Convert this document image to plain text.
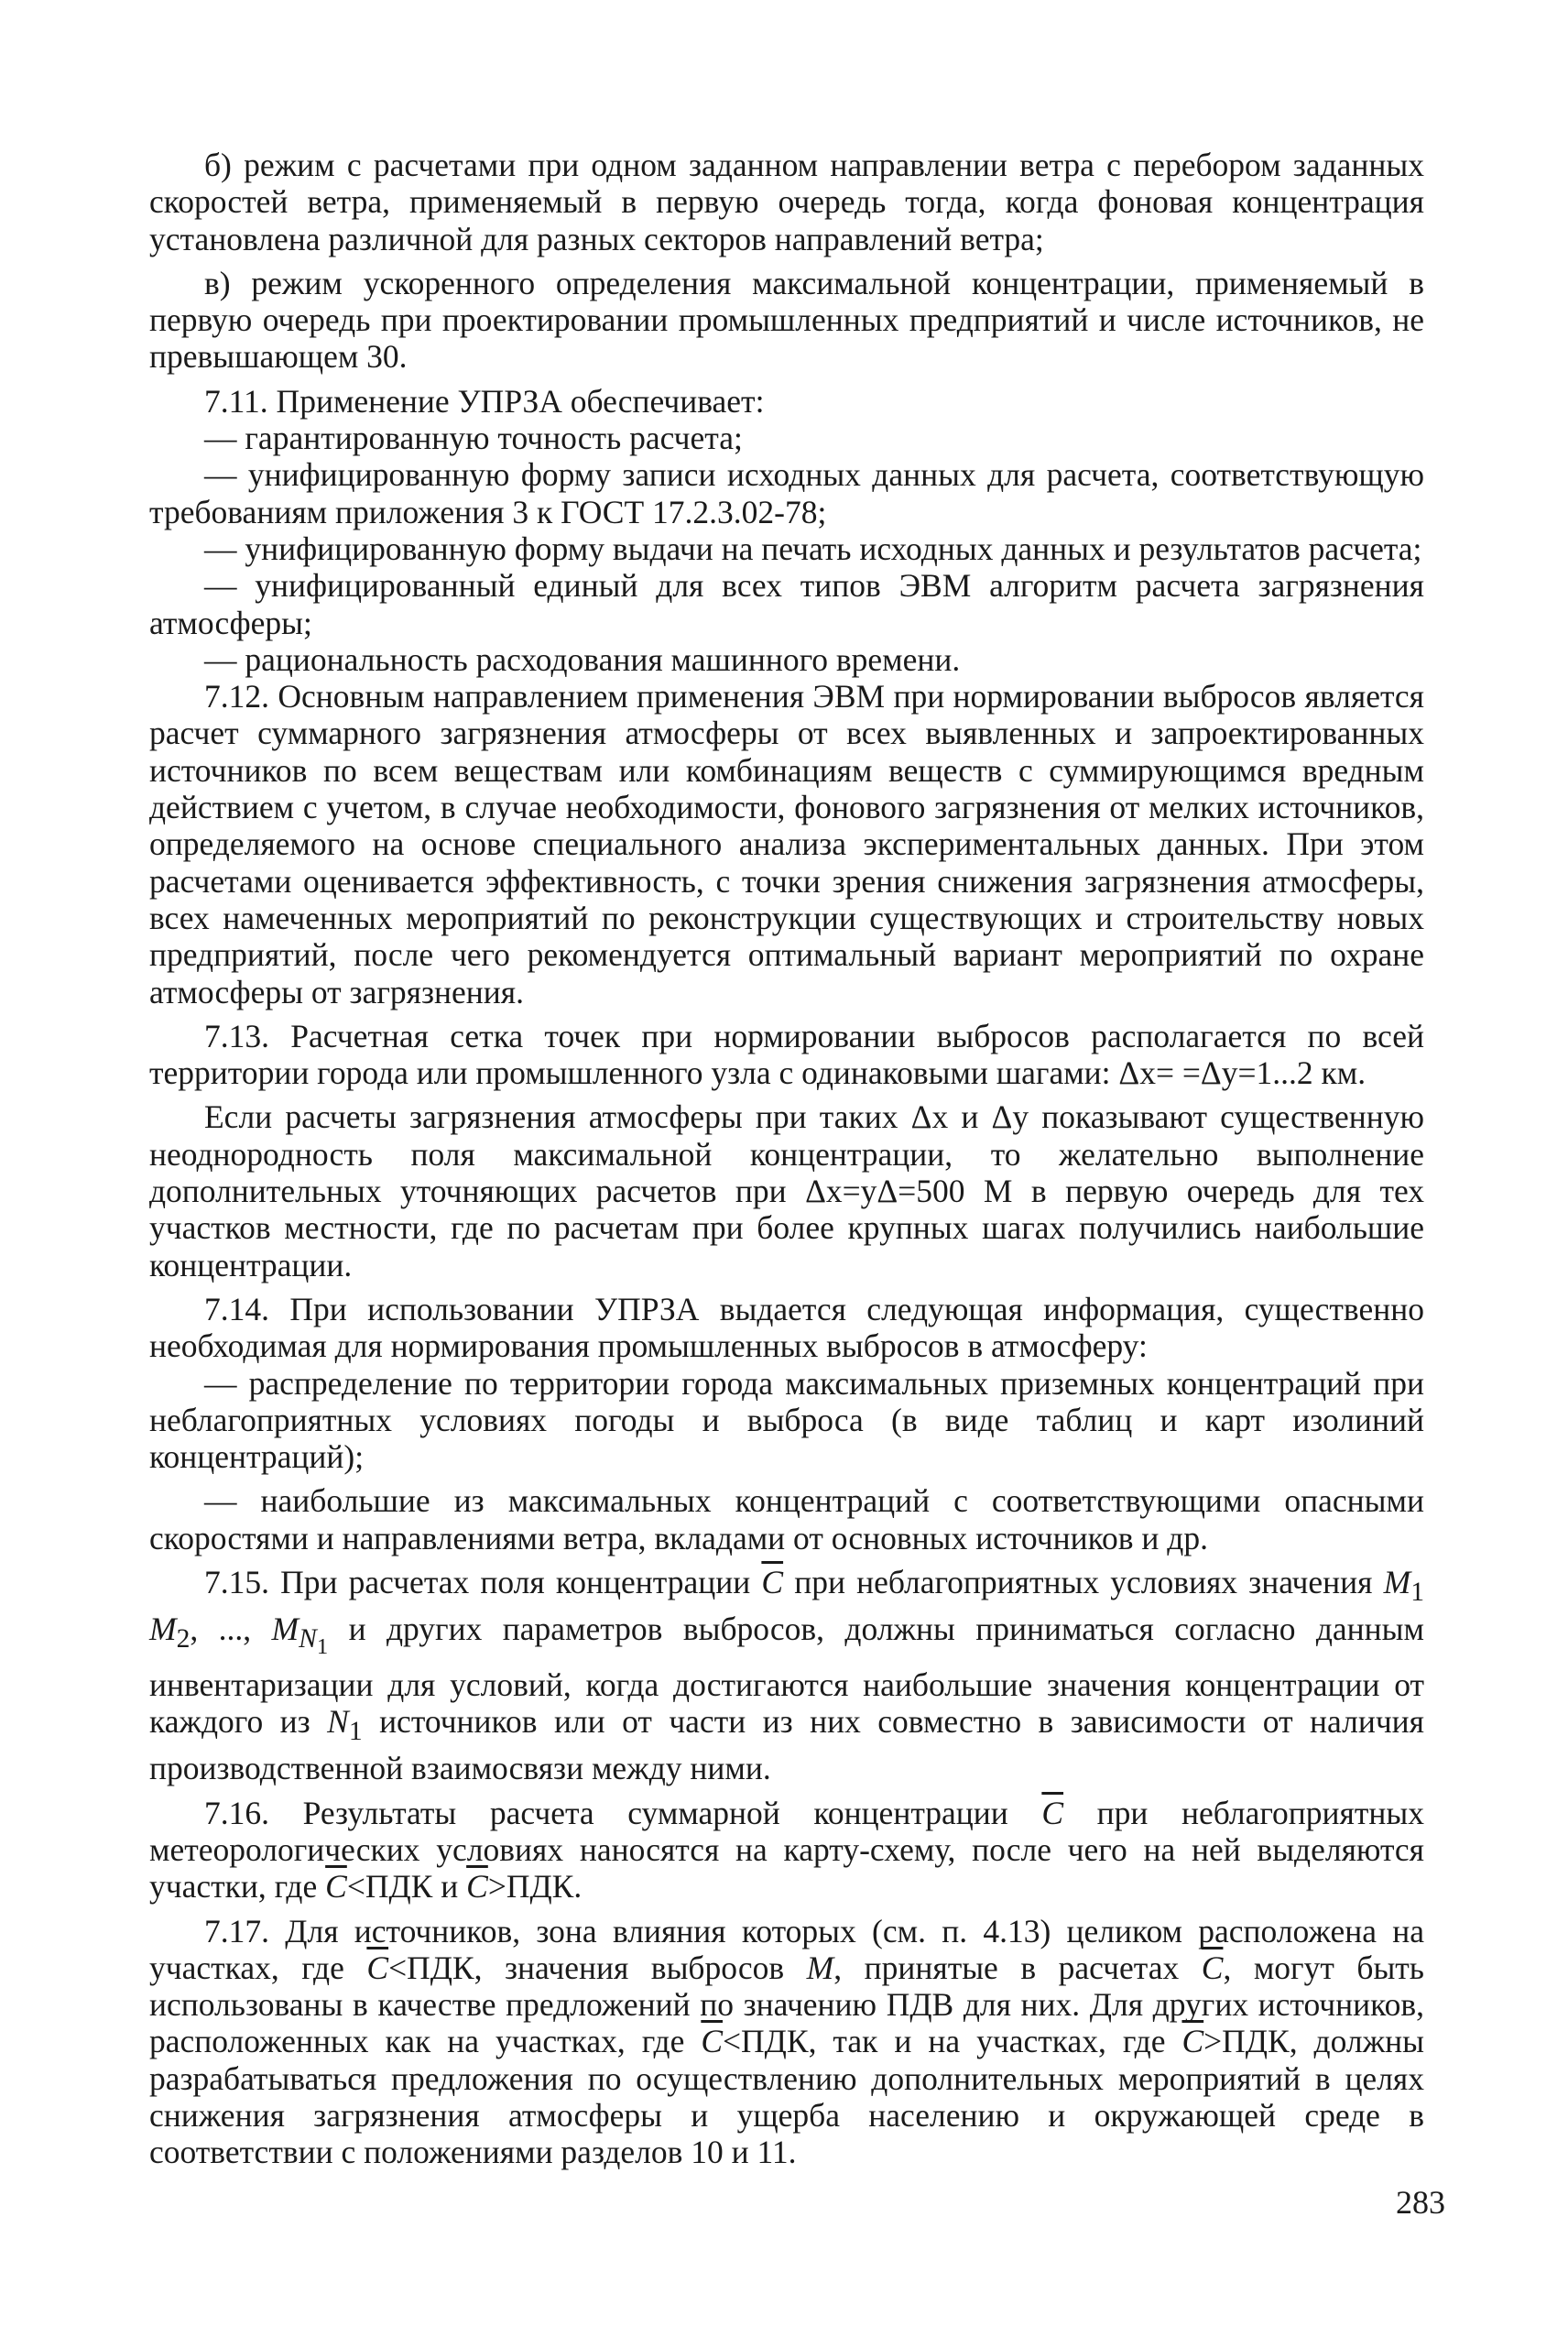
б) режим с расчетами при одном заданном направлении ветра с перебором заданных скоростей ветра, применяемый в первую очередь тогда, когда фоновая концентрация установлена различной для разных секторов направлений ветра;

в) режим ускоренного определения максимальной концентрации, применяемый в первую очередь при проектировании промышленных предприятий и числе источников, не превышающем 30.

7.11. Применение УПРЗА обеспечивает:

— гарантированную точность расчета;

— унифицированную форму записи исходных данных для расчета, соответствующую требованиям приложения 3 к ГОСТ 17.2.3.02-78;

— унифицированную форму выдачи на печать исходных данных и результатов расчета;

— унифицированный единый для всех типов ЭВМ алгоритм расчета загрязнения атмосферы;

— рациональность расходования машинного времени.

7.12. Основным направлением применения ЭВМ при нормировании выбросов является расчет суммарного загрязнения атмосферы от всех выявленных и запроектированных источников по всем веществам или комбинациям веществ с суммирующимся вредным действием с учетом, в случае необходимости, фонового загрязнения от мелких источников, определяемого на основе специального анализа экспериментальных данных. При этом расчетами оценивается эффективность, с точки зрения снижения загрязнения атмосферы, всех намеченных мероприятий по реконструкции существующих и строительству новых предприятий, после чего рекомендуется оптимальный вариант мероприятий по охране атмосферы от загрязнения.

7.13. Расчетная сетка точек при нормировании выбросов располагается по всей территории города или промышленного узла с одинаковыми шагами: Δx= =Δy=1...2 км.

Если расчеты загрязнения атмосферы при таких Δx и Δy показывают существенную неоднородность поля максимальной концентрации, то желательно выполнение дополнительных уточняющих расчетов при Δx=yΔ=500 М в первую очередь для тех участков местности, где по расчетам при более крупных шагах получились наибольшие концентрации.

7.14. При использовании УПРЗА выдается следующая информация, существенно необходимая для нормирования промышленных выбросов в атмосферу:

— распределение по территории города максимальных приземных концентраций при неблагоприятных условиях погоды и выброса (в виде таблиц и карт изолиний концентраций);

— наибольшие из максимальных концентраций с соответствующими опасными скоростями и направлениями ветра, вкладами от основных источников и др.

7.15. При расчетах поля концентрации $\overline{C}$ при неблагоприятных условиях значения $M_1$ $M_2$, ..., $M_{N_1}$ и других параметров выбросов, должны приниматься согласно данным инвентаризации для условий, когда достигаются наибольшие значения концентрации от каждого из $N_1$ источников или от части из них совместно в зависимости от наличия производственной взаимосвязи между ними.

7.16. Результаты расчета суммарной концентрации $\overline{C}$ при неблагоприятных метеорологических условиях наносятся на карту-схему, после чего на ней выделяются участки, где $\overline{C}<ПДК$ и $\overline{C}>ПДК$.

7.17. Для источников, зона влияния которых (см. п. 4.13) целиком расположена на участках, где $\overline{C}<ПДК$, значения выбросов M, принятые в расчетах $\overline{C}$, могут быть использованы в качестве предложений по значению ПДВ для них. Для других источников, расположенных как на участках, где $\overline{C}<ПДК$, так и на участках, где $\overline{C}>ПДК$, должны разрабатываться предложения по осуществлению дополнительных мероприятий в целях снижения загрязнения атмосферы и ущерба населению и окружающей среде в соответствии с положениями разделов 10 и 11.

283
